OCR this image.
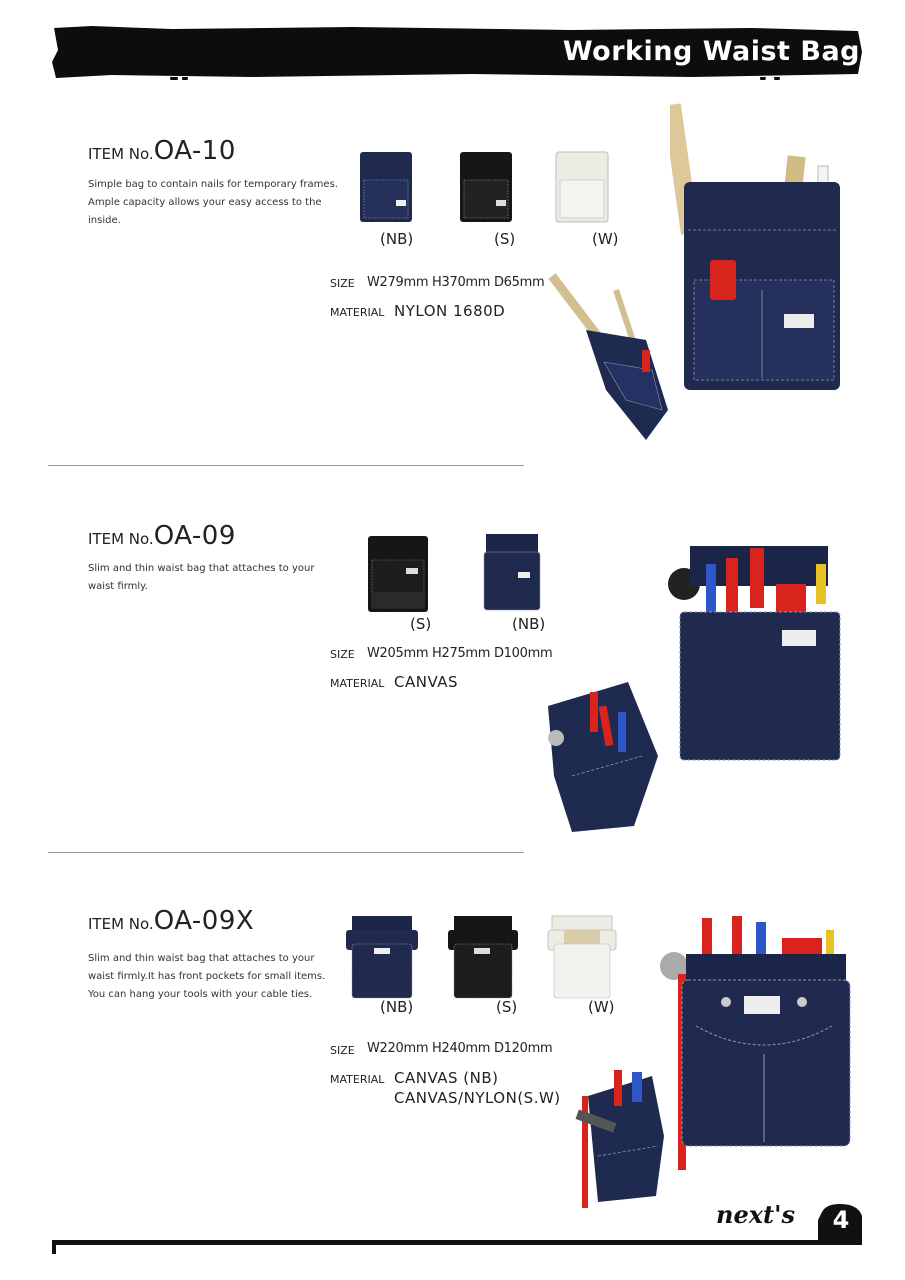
Working Waist Bag
ITEM No.OA-10
Simple bag to contain nails for temporary frames. Ample capacity allows your easy access to the inside.
(NB)	(S)	(W)
SIZE W279mm H370mm D65mm
MATERIAL NYLON 1680D
ITEM No.OA-09
Slim and thin waist bag that attaches to your waist firmly.
(S)	(NB)
SIZE W205mm H275mm D100mm
MATERIAL CANVAS
ITEM No.OA-09X
Slim and thin waist bag that attaches to your waist firmly.It has front pockets for small items. You can hang your tools with your cable ties.
(NB)	(S)	(W)
SIZE W220mm H240mm D120mm
MATERIAL CANVAS (NB)
CANVAS/NYLON(S.W)
next's	4
